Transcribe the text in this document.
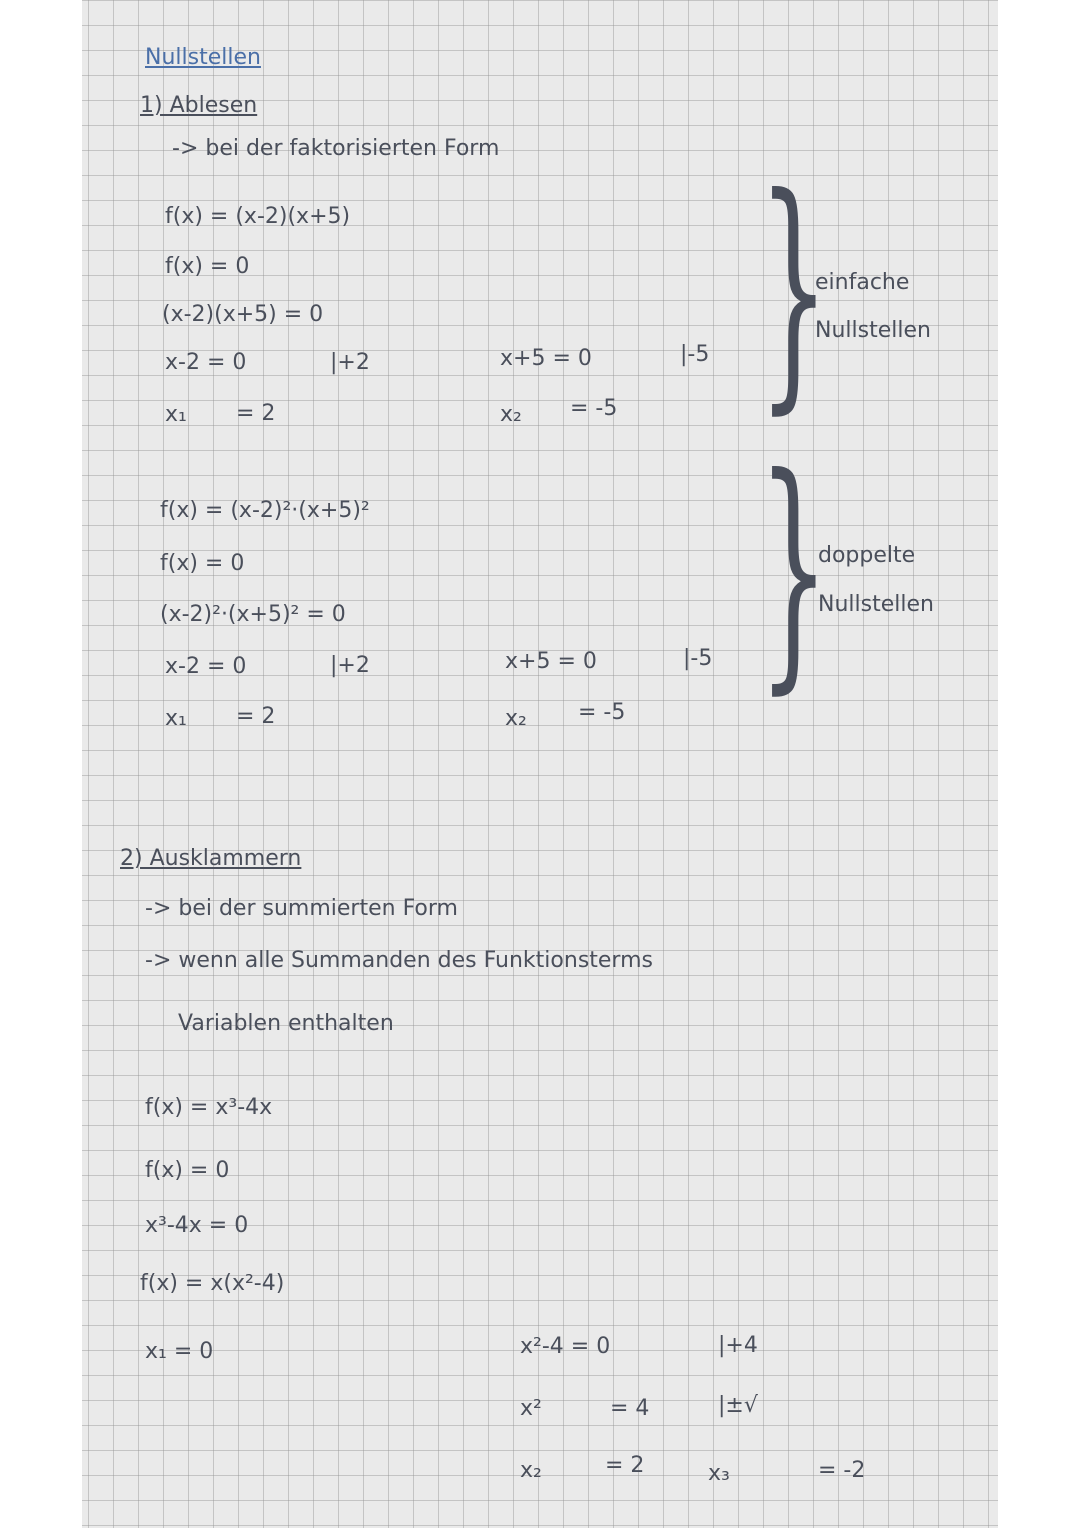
Nullstellen
1) Ablesen
-> bei der faktorisierten Form
f(x) = (x-2)(x+5)
f(x) = 0
(x-2)(x+5) = 0
x-2 = 0	|+2	x+5 = 0	|-5
x₁ = 2	x₂ = -5 }
einfache
Nullstellen
f(x) = (x-2)²·(x+5)²
f(x) = 0
(x-2)²·(x+5)² = 0
x-2 = 0	|+2	x+5 = 0	|-5
x₁ = 2	x₂ = -5 }
doppelte
Nullstellen
2) Ausklammern
-> bei der summierten Form
-> wenn alle Summanden des Funktionsterms
Variablen enthalten
f(x) = x³-4x
f(x) = 0
x³-4x = 0
f(x) = x(x²-4)
x₁ = 0	x²-4 = 0	|+4
x²	= 4	|±√
x₂	= 2	x₃	= -2
